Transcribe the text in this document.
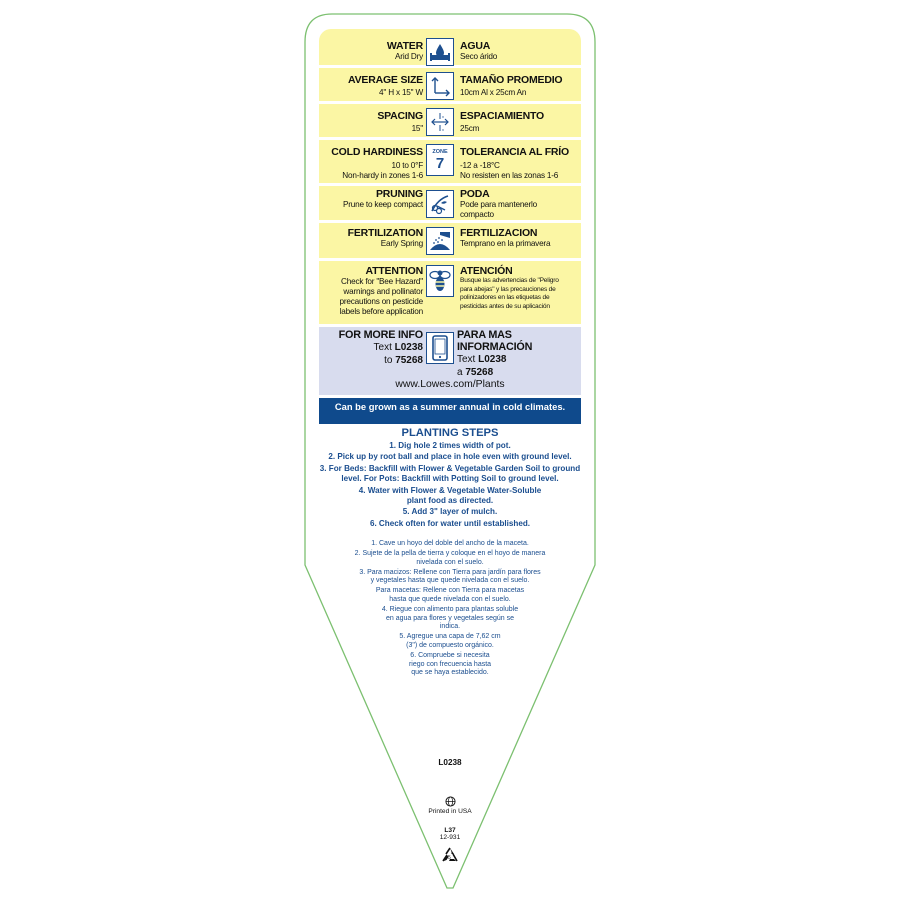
WATER
Arid Dry
AGUA
Seco árido
AVERAGE SIZE
4'' H x 15'' W
TAMAÑO PROMEDIO
10cm Al x 25cm An
SPACING
15''
x
x
ESPACIAMIENTO
25cm
COLD HARDINESS
10 to 0°F
Non-hardy in zones 1-6
ZONE
7
TOLERANCIA AL FRÍO
-12 a -18°C
No resisten en las zonas 1-6
PRUNING
Prune to keep compact
PODA
Pode para mantenerlo
compacto
FERTILIZATION
Early Spring
FERTILIZACION
Temprano en la primavera
ATTENTION
Check for "Bee Hazard"
warnings and pollinator
precautions on pesticide
labels before application
ATENCIÓN
Busque las advertencias de "Peligro
para abejas" y las precauciones de
polinizadores en las etiquetas de
pesticidas antes de su aplicación
FOR MORE INFO
Text L0238
to 75268
PARA MAS INFORMACIÓN
Text L0238
a 75268
www.Lowes.com/Plants
Can be grown as a summer annual in cold climates.
PLANTING STEPS
1. Dig hole 2 times width of pot.
2. Pick up by root ball and place in hole even with ground level.
3. For Beds: Backfill with Flower & Vegetable Garden Soil to ground level. For Pots: Backfill with Potting Soil to ground level.
4. Water with Flower & Vegetable Water-Soluble plant food as directed.
5. Add 3" layer of mulch.
6. Check often for water until established.
1. Cave un hoyo del doble del ancho de la maceta.
2. Sujete de la pella de tierra y coloque en el hoyo de manera nivelada con el suelo.
3. Para macizos: Rellene con Tierra para jardín para flores y vegetales hasta que quede nivelada con el suelo.
Para macetas: Rellene con Tierra para macetas hasta que quede nivelada con el suelo.
4. Riegue con alimento para plantas soluble en agua para flores y vegetales según se indica.
5. Agregue una capa de 7,62 cm (3") de compuesto orgánico.
6. Compruebe si necesita riego con frecuencia hasta que se haya establecido.
L0238
Printed in USA
L37
12-931
5
